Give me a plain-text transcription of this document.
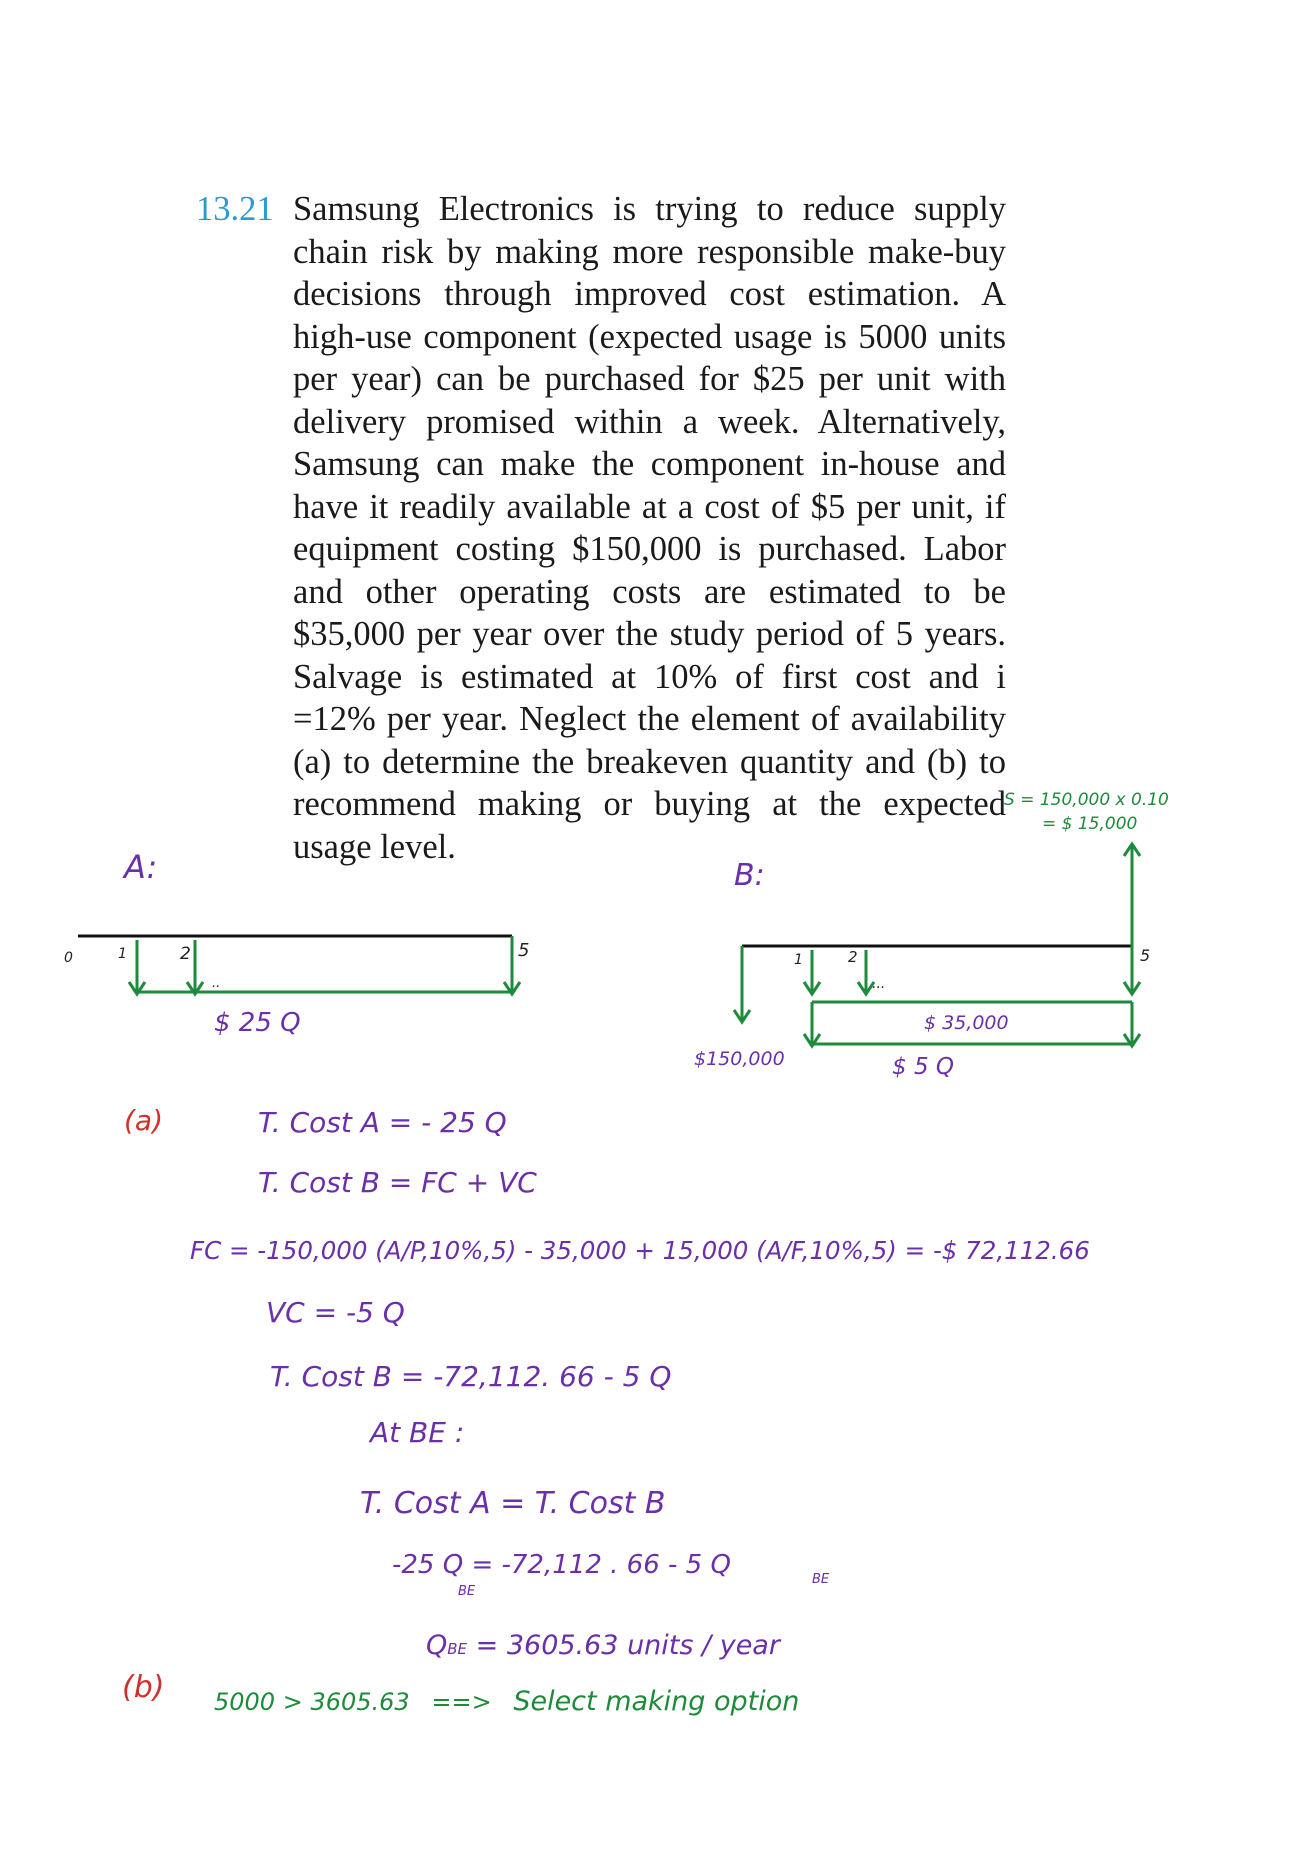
13.21 Samsung Electronics is trying to reduce supply chain risk by making more responsible make-buy decisions through improved cost estimation. A high-use component (expected usage is 5000 units per year) can be purchased for $25 per unit with delivery promised within a week. Alternatively, Samsung can make the component in-house and have it readily available at a cost of $5 per unit, if equipment costing $150,000 is purchased. Labor and other operating costs are estimated to be $35,000 per year over the study period of 5 years. Salvage is estimated at 10% of first cost and i =12% per year. Neglect the element of availability (a) to determine the breakeven quantity and (b) to recommend making or buying at the expected usage level.
A:
0	1	2
..
5
$ 25 Q
B:
1	2
...
5
$150,000
$ 35,000
$ 5 Q
S = 150,000 x 0.10
= $ 15,000
(a)	T. Cost A = - 25 Q
T. Cost B = FC + VC
FC = -150,000 (A/P,10%,5) - 35,000 + 15,000 (A/F,10%,5) = -$ 72,112.66
VC = -5 Q
T. Cost B = -72,112. 66 - 5 Q
At BE :
T. Cost A = T. Cost B
-25 Q = -72,112 . 66 - 5 Q
BE
BE
QBE = 3605.63 units / year
(b) 5000 > 3605.63 ==> Select making option
